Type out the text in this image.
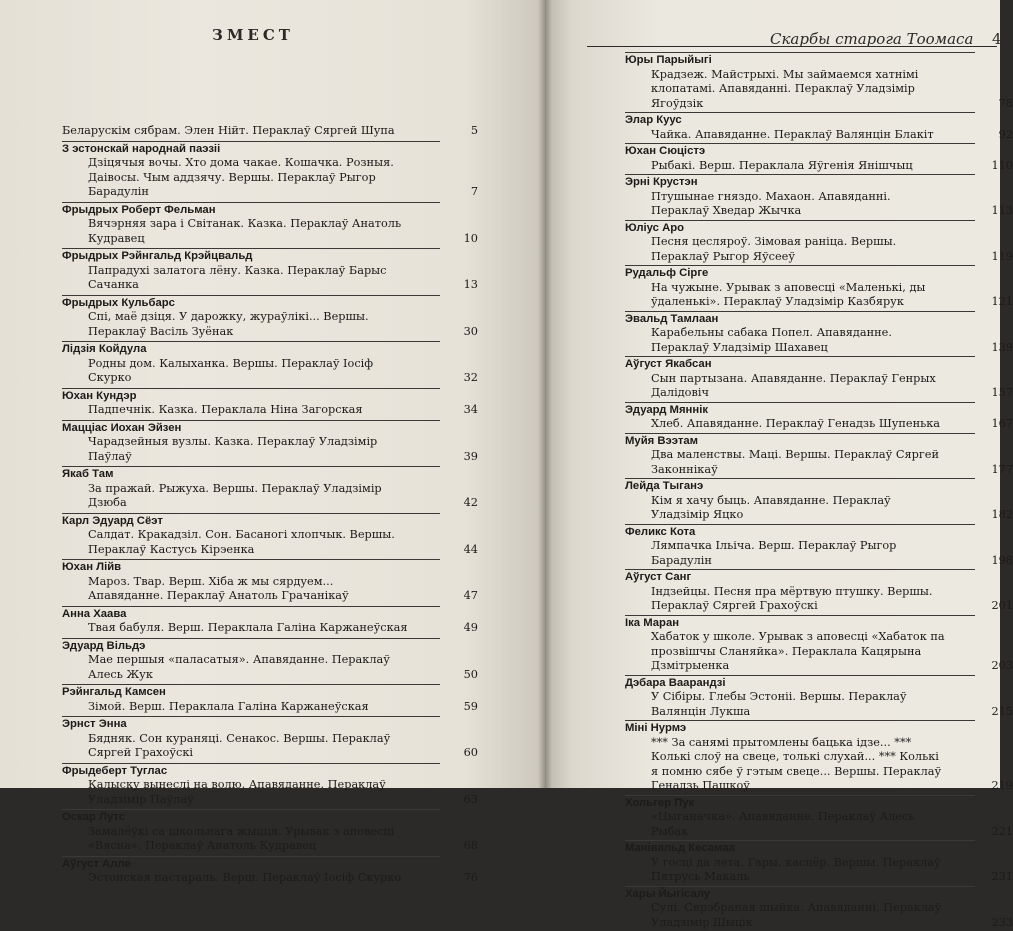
ЗМЕСТ
Беларускім сябрам. Элен Нійт. Пераклаў Сяргей Шупа	5
З эстонскай народнай паэзіі
Дзіцячыя вочы. Хто дома чакае. Кошачка. Розныя. Даівосы. Чым аддзячу. Вершы. Пераклаў Рыгор Барадулін	7
Фрыдрых Роберт Фельман
Вячэрняя зара і Світанак. Казка. Пераклаў Анатоль Кудравец	10
Фрыдрых Рэйнгальд Крэйцвальд
Папрадухі залатога лёну. Казка. Пераклаў Барыс Сачанка	13
Фрыдрых Кульбарс
Спі, маё дзіця. У дарожку, жураўлікі... Вершы. Пераклаў Васіль Зуёнак	30
Лідзія Койдула
Родны дом. Калыханка. Вершы. Пераклаў Іосіф Скурко	32
Юхан Кундэр
Падпечнік. Казка. Пераклала Ніна Загорская	34
Мацціас Иохан Эйзен
Чарадзейныя вузлы. Казка. Пераклаў Уладзімір Паўлаў	39
Якаб Там
За пражай. Рыжуха. Вершы. Пераклаў Уладзімір Дзюба	42
Карл Эдуард Сёэт
Салдат. Кракадзіл. Сон. Басаногі хлопчык. Вершы. Пераклаў Кастусь Кірэенка	44
Юхан Лійв
Мароз. Твар. Верш. Хіба ж мы сярдуем... Апавяданне. Пераклаў Анатоль Грачанікаў	47
Анна Хаава
Твая бабуля. Верш. Пераклала Галіна Каржанеўская	49
Эдуард Вільдэ
Мае першыя «паласатыя». Апавяданне. Пераклаў Алесь Жук	50
Рэйнгальд Камсен
Зімой. Верш. Пераклала Галіна Каржанеўская	59
Эрнст Энна
Бядняк. Сон кураняці. Сенакос. Вершы. Пераклаў Сяргей Грахоўскі	60
Фрыдеберт Туглас
Калыску вынеслі на волю. Апавяданне. Пераклаў Уладзімір Паўлаў	63
Оскар Лутс
Замалёўкі са школьнага жыцця. Урывак з аповесці «Вясна». Пераклаў Анатоль Кудравец	68
Аўгуст Алле
Эстонская пастараль. Верш. Пераклаў Іосіф Скурко	76
Скарбы старога Тоомаса	4
Юры Парыйыгі
Крадзеж. Майстрыхі. Мы займаемся хатнімі клопатамі. Апавяданні. Пераклаў Уладзімір Ягоўдзік	78
Элар Куус
Чайка. Апавяданне. Пераклаў Валянцін Блакіт	92
Юхан Сюцістэ
Рыбакі. Верш. Пераклала Яўгенія Янішчыц	110
Эрні Крустэн
Птушынае гняздо. Махаон. Апавяданні. Пераклаў Хведар Жычка	113
Юліус Аро
Песня цесляроў. Зімовая раніца. Вершы. Пераклаў Рыгор Яўсееў	119
Рудальф Сірге
На чужыне. Урывак з аповесці «Маленькі, ды ўдаленькі». Пераклаў Уладзімір Казбярук	121
Эвальд Тамлаан
Карабельны сабака Попел. Апавяданне. Пераклаў Уладзімір Шахавец	139
Аўгуст Якабсан
Сын партызана. Апавяданне. Пераклаў Генрых Далідовіч	157
Эдуард Мяннік
Хлеб. Апавяданне. Пераклаў Генадзь Шупенька	167
Муйя Вээтам
Два маленствы. Маці. Вершы. Пераклаў Сяргей Законнікаў	177
Лейда Тыганэ
Кім я хачу быць. Апавяданне. Пераклаў Уладзімір Яцко	182
Феликс Кота
Лямпачка Ільіча. Верш. Пераклаў Рыгор Барадулін	198
Аўгуст Санг
Індзейцы. Песня пра мёртвую птушку. Вершы. Пераклаў Сяргей Грахоўскі	201
Іка Маран
Хабаток у школе. Урывак з аповесці «Хабаток па прозвішчы Сланяйка». Пераклала Кацярына Дзмітрыенка	203
Дэбара Ваарандзі
У Сібіры. Глебы Эстоніі. Вершы. Пераклаў Валянцін Лукша	215
Міні Нурмэ
*** За санямі прытомлены бацька ідзе... *** Колькі слоў на свеце, толькі слухай... *** Колькі я помню сябе ў гэтым свеце... Вершы. Пераклаў Генадзь Пашкоў	219
Хольгер Пук
«Цыганачка». Апавяданне. Пераклаў Алесь Рыбак	221
Манівальд Кесамаа
У госці да лета. Гары, касцёр. Вершы. Пераклаў Пятрусь Макаль	231
Хары Йыгісалу
Сулі. Сярэбраная шыйка. Апавяданні. Пераклаў Уладзімір Шыцік	233
